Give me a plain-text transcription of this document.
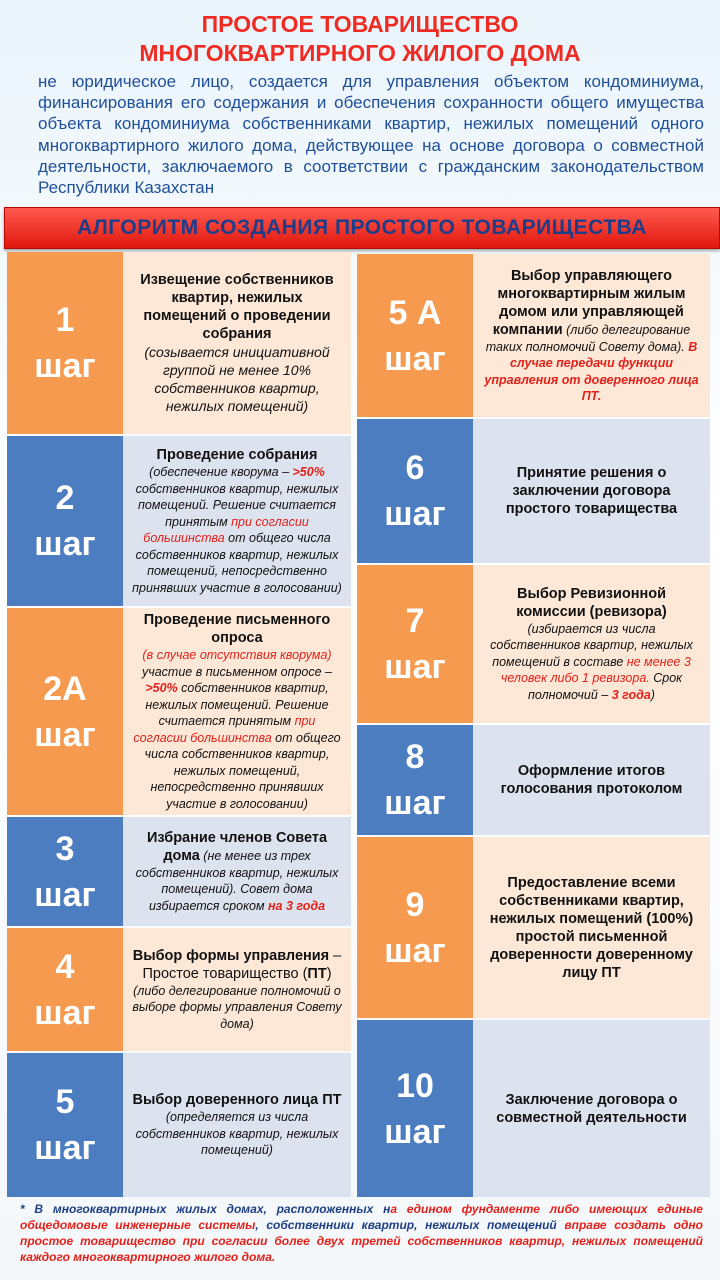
ПРОСТОЕ ТОВАРИЩЕСТВО
МНОГОКВАРТИРНОГО ЖИЛОГО ДОМА
не юридическое лицо, создается для управления объектом кондоминиума, финансирования его содержания и обеспечения сохранности общего имущества объекта кондоминиума собственниками квартир, нежилых помещений одного многоквартирного жилого дома, действующее на основе договора о совместной деятельности, заключаемого в соответствии с гражданским законодательством Республики Казахстан
АЛГОРИТМ СОЗДАНИЯ ПРОСТОГО ТОВАРИЩЕСТВА
1
шаг
Извещение собственников квартир, нежилых помещений о проведении собрания
(созывается инициативной группой не менее 10% собственников квартир, нежилых помещений)
2
шаг
Проведение собрания
(обеспечение кворума – >50% собственников квартир, нежилых помещений. Решение считается принятым при согласии большинства от общего числа собственников квартир, нежилых помещений, непосредственно принявших участие в голосовании)
2А
шаг
Проведение письменного опроса
(в случае отсутствия кворума) участие в письменном опросе – >50% собственников квартир, нежилых помещений. Решение считается принятым при согласии большинства от общего числа собственников квартир, нежилых помещений, непосредственно принявших участие в голосовании)
3
шаг
Избрание членов Совета дома (не менее из трех собственников квартир, нежилых помещений). Совет дома избирается сроком на 3 года
4
шаг
Выбор формы управления – Простое товарищество (ПТ) (либо делегирование полномочий о выборе формы управления Совету дома)
5
шаг
Выбор доверенного лица ПТ (определяется из числа собственников квартир, нежилых помещений)
5 А
шаг
Выбор управляющего многоквартирным жилым домом или управляющей компании (либо делегирование таких полномочий Совету дома). В случае передачи функции управления от доверенного лица ПТ.
6
шаг
Принятие решения о заключении договора простого товарищества
7
шаг
Выбор Ревизионной комиссии (ревизора)
(избирается из числа собственников квартир, нежилых помещений в составе не менее 3 человек либо 1 ревизора. Срок полномочий – 3 года)
8
шаг
Оформление итогов голосования протоколом
9
шаг
Предоставление всеми собственниками квартир, нежилых помещений (100%) простой письменной доверенности доверенному лицу ПТ
10
шаг
Заключение договора о совместной деятельности
* В многоквартирных жилых домах, расположенных на едином фундаменте либо имеющих единые общедомовые инженерные системы, собственники квартир, нежилых помещений вправе создать одно простое товарищество при согласии более двух третей собственников квартир, нежилых помещений каждого многоквартирного жилого дома.
